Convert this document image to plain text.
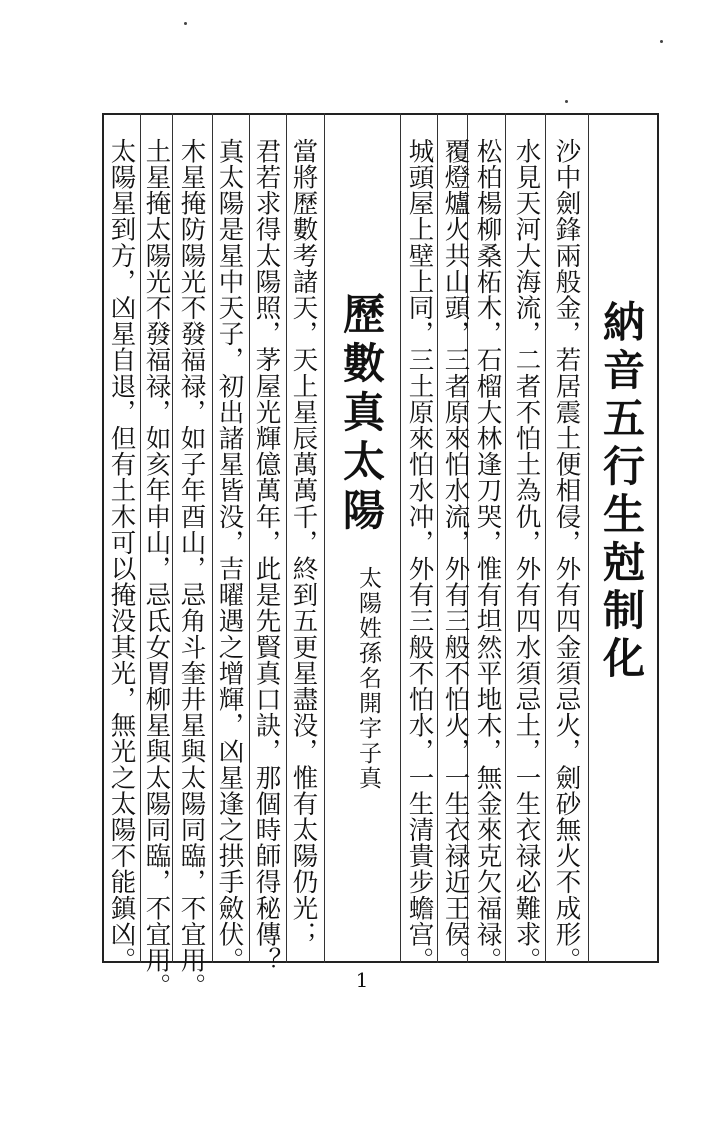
納音五行生尅制化
沙中劍鋒兩般金，若居震土便相侵，外有四金須忌火，劍砂無火不成形。
水見天河大海流，二者不怕土為仇，外有四水須忌土，一生衣禄必難求。
松柏楊柳桑柘木，石榴大林逢刀哭，惟有坦然平地木，無金來克欠福禄。
覆燈爐火共山頭，三者原來怕水流，外有三般不怕火，一生衣禄近王侯。
城頭屋上壁上同，三土原來怕水冲，外有三般不怕水，一生清貴步蟾宫。
歷數真太陽
太陽姓孫名開字子真
當將歷數考諸天，天上星辰萬萬千，終到五更星盡没，惟有太陽仍光；
君若求得太陽照，茅屋光輝億萬年，此是先賢真口訣，那個時師得秘傳？
真太陽是星中天子，初出諸星皆没，吉曜遇之增輝，凶星逢之拱手斂伏。
木星掩防陽光不發福禄，如子年酉山，忌角斗奎井星與太陽同臨，不宜用。
土星掩太陽光不發福禄，如亥年申山，忌氐女胃柳星與太陽同臨，不宜用。
太陽星到方，凶星自退，但有土木可以掩没其光，無光之太陽不能鎮凶。
1
